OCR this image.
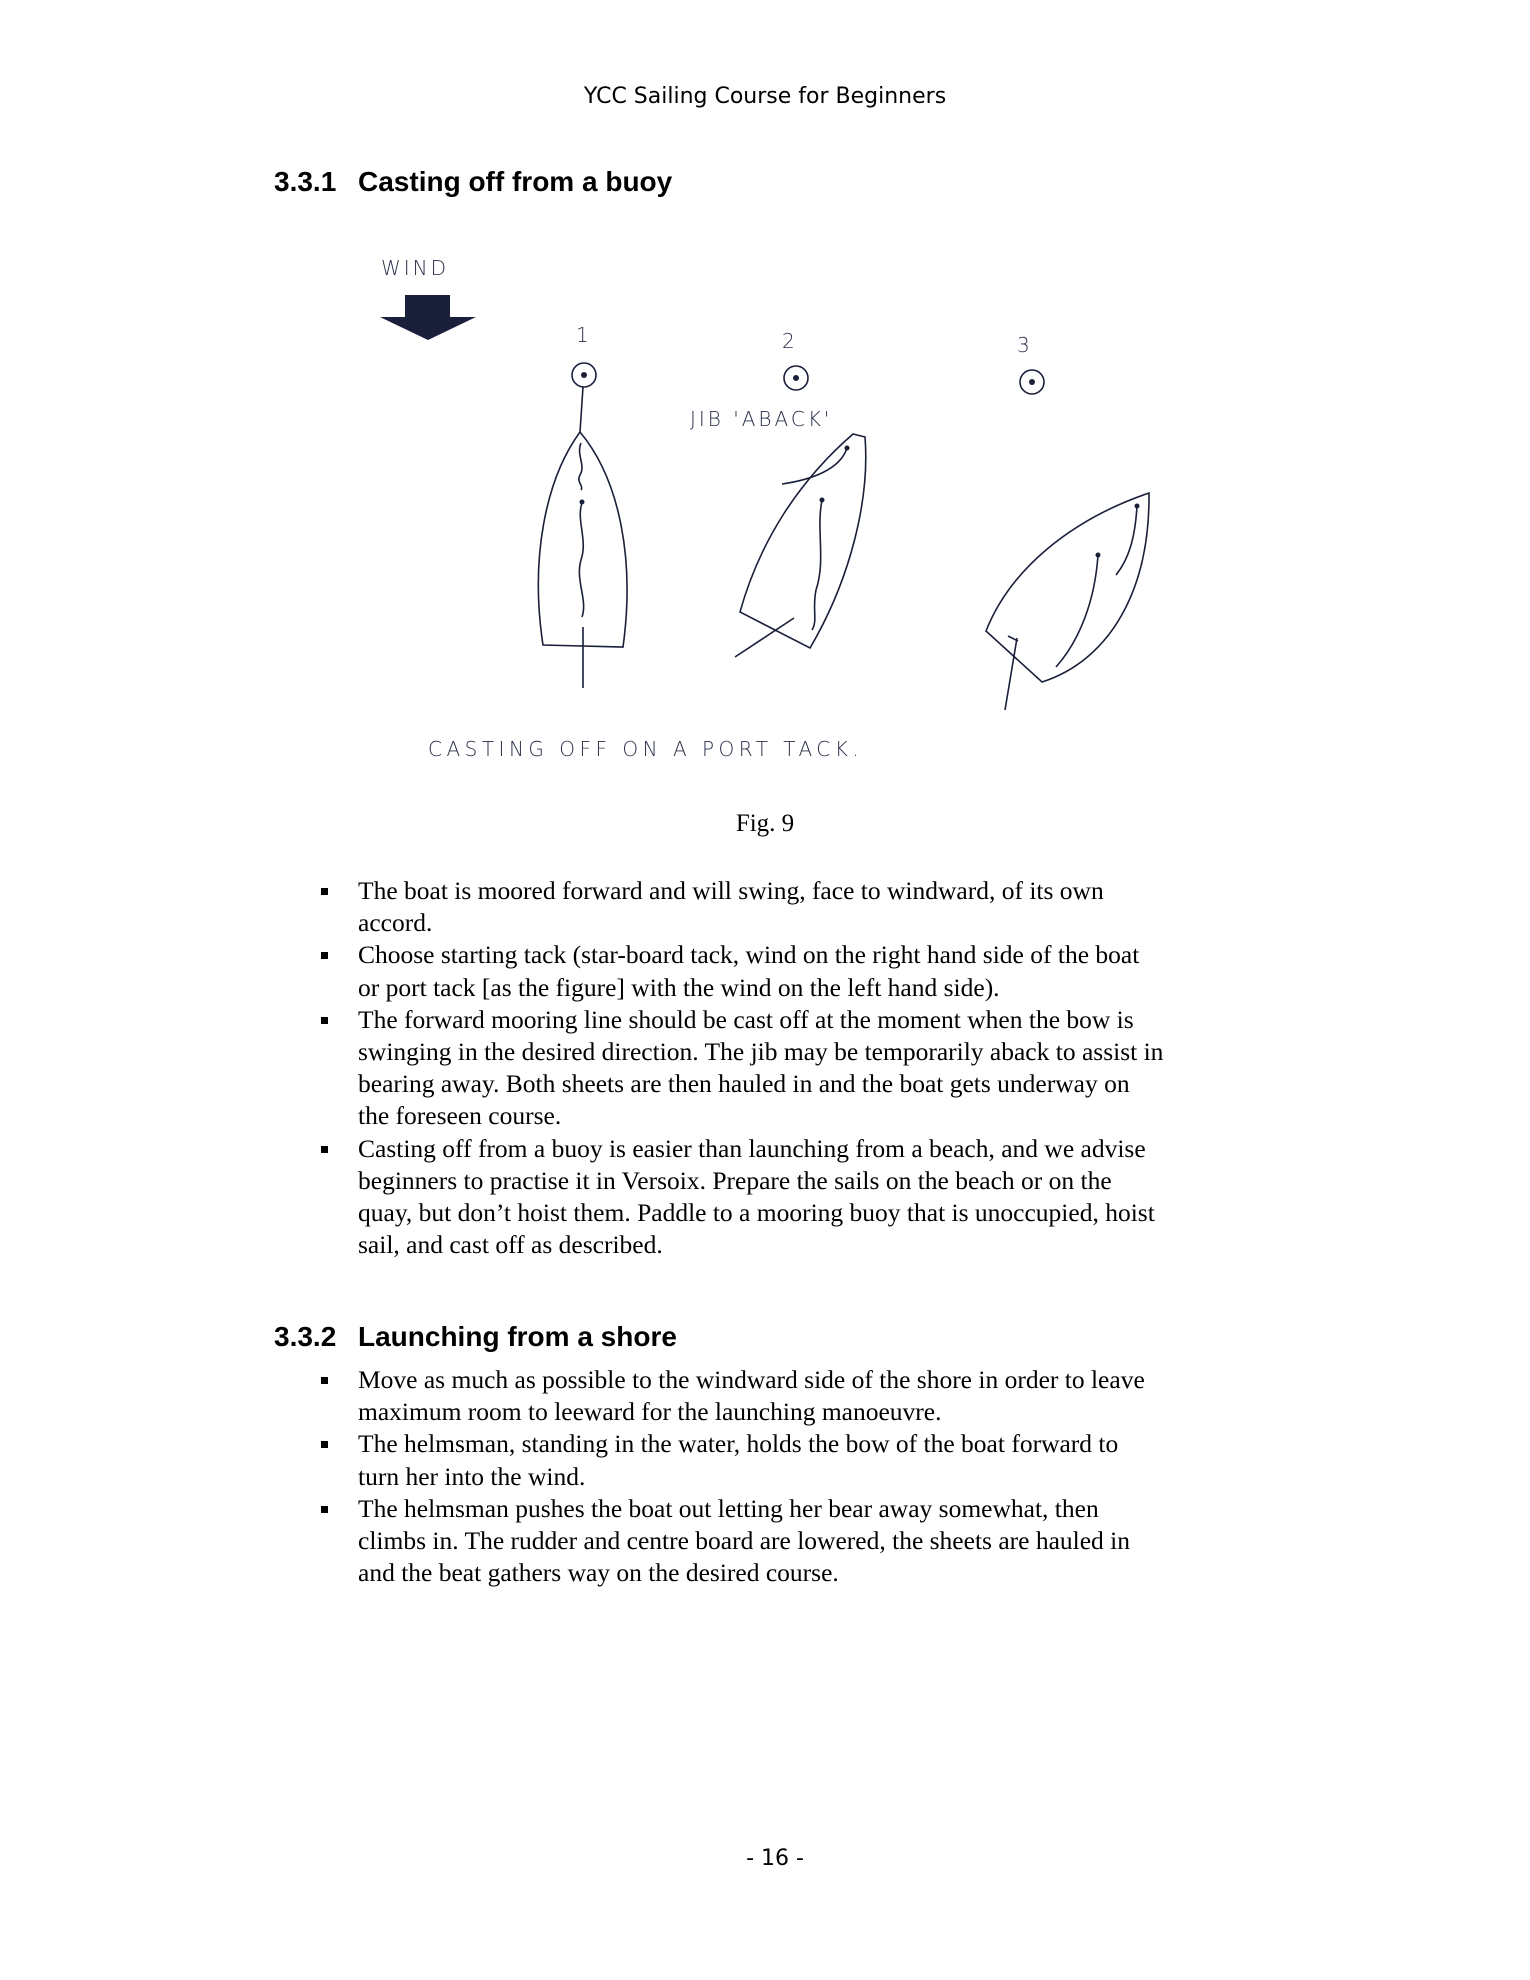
YCC Sailing Course for Beginners
3.3.1 Casting off from a buoy
WIND
1	2	3
JIB 'ABACK'
CASTING OFF ON A PORT TACK.
Fig. 9
The boat is moored forward and will swing, face to windward, of its own
accord.
Choose starting tack (star-board tack, wind on the right hand side of the boat
or port tack [as the figure] with the wind on the left hand side).
The forward mooring line should be cast off at the moment when the bow is
swinging in the desired direction. The jib may be temporarily aback to assist in
bearing away. Both sheets are then hauled in and the boat gets underway on
the foreseen course.
Casting off from a buoy is easier than launching from a beach, and we advise
beginners to practise it in Versoix. Prepare the sails on the beach or on the
quay, but don’t hoist them. Paddle to a mooring buoy that is unoccupied, hoist
sail, and cast off as described.
3.3.2 Launching from a shore
Move as much as possible to the windward side of the shore in order to leave
maximum room to leeward for the launching manoeuvre.
The helmsman, standing in the water, holds the bow of the boat forward to
turn her into the wind.
The helmsman pushes the boat out letting her bear away somewhat, then
climbs in. The rudder and centre board are lowered, the sheets are hauled in
and the beat gathers way on the desired course.
- 16 -
